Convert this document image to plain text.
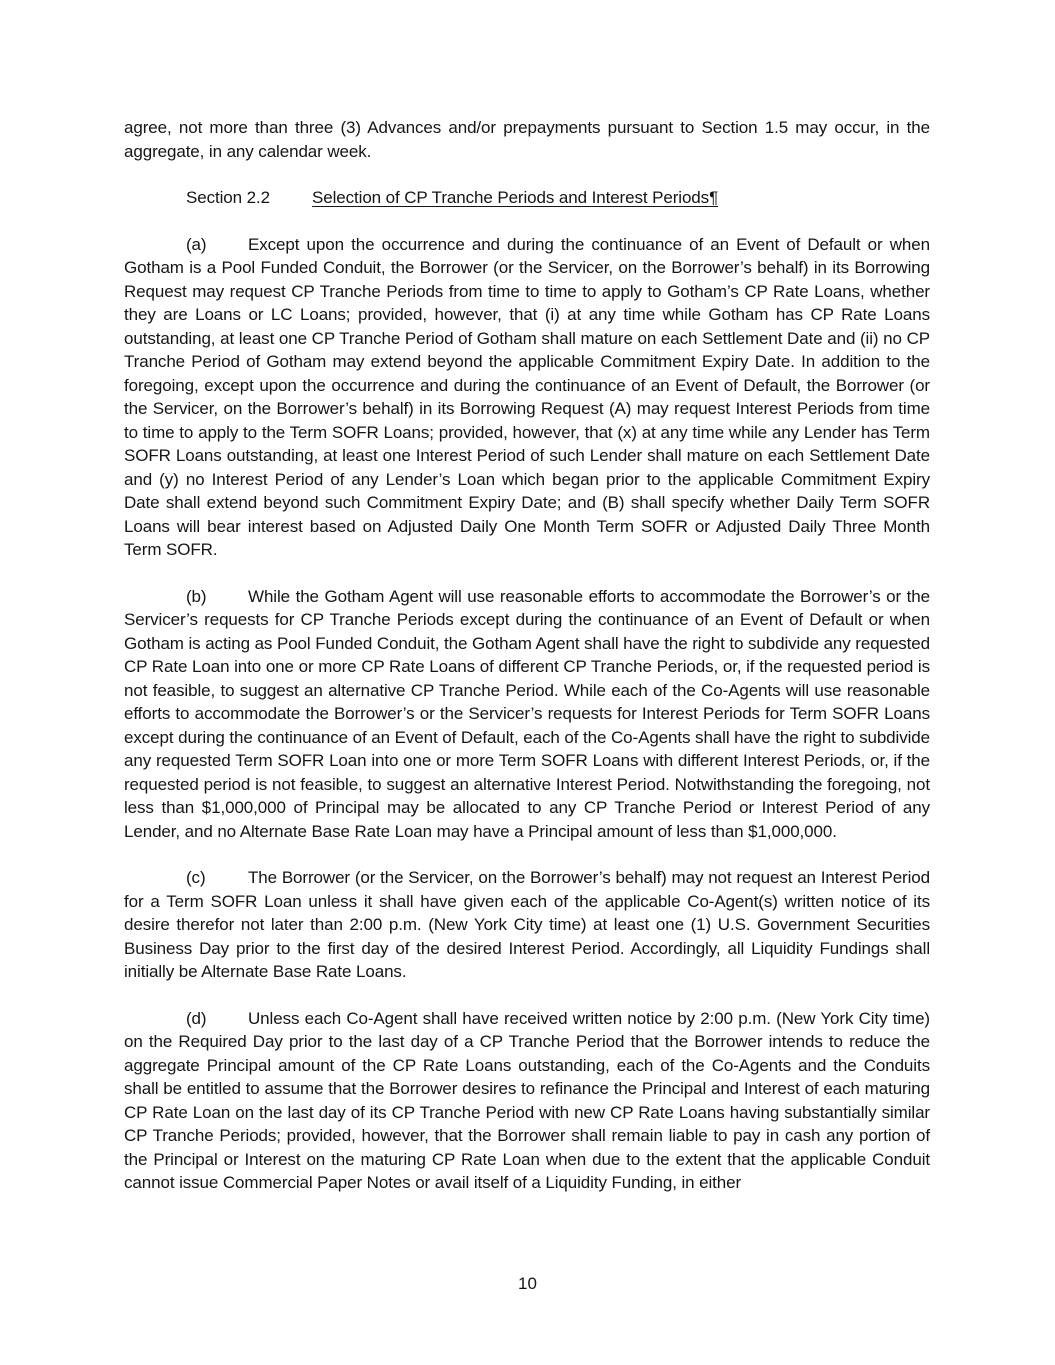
agree, not more than three (3) Advances and/or prepayments pursuant to Section 1.5 may occur, in the aggregate, in any calendar week.

Section 2.2 Selection of CP Tranche Periods and Interest Periods¶

(a) Except upon the occurrence and during the continuance of an Event of Default or when Gotham is a Pool Funded Conduit, the Borrower (or the Servicer, on the Borrower’s behalf) in its Borrowing Request may request CP Tranche Periods from time to time to apply to Gotham’s CP Rate Loans, whether they are Loans or LC Loans; provided, however, that (i) at any time while Gotham has CP Rate Loans outstanding, at least one CP Tranche Period of Gotham shall mature on each Settlement Date and (ii) no CP Tranche Period of Gotham may extend beyond the applicable Commitment Expiry Date. In addition to the foregoing, except upon the occurrence and during the continuance of an Event of Default, the Borrower (or the Servicer, on the Borrower’s behalf) in its Borrowing Request (A) may request Interest Periods from time to time to apply to the Term SOFR Loans; provided, however, that (x) at any time while any Lender has Term SOFR Loans outstanding, at least one Interest Period of such Lender shall mature on each Settlement Date and (y) no Interest Period of any Lender’s Loan which began prior to the applicable Commitment Expiry Date shall extend beyond such Commitment Expiry Date; and (B) shall specify whether Daily Term SOFR Loans will bear interest based on Adjusted Daily One Month Term SOFR or Adjusted Daily Three Month Term SOFR.

(b) While the Gotham Agent will use reasonable efforts to accommodate the Borrower’s or the Servicer’s requests for CP Tranche Periods except during the continuance of an Event of Default or when Gotham is acting as Pool Funded Conduit, the Gotham Agent shall have the right to subdivide any requested CP Rate Loan into one or more CP Rate Loans of different CP Tranche Periods, or, if the requested period is not feasible, to suggest an alternative CP Tranche Period. While each of the Co-Agents will use reasonable efforts to accommodate the Borrower’s or the Servicer’s requests for Interest Periods for Term SOFR Loans except during the continuance of an Event of Default, each of the Co-Agents shall have the right to subdivide any requested Term SOFR Loan into one or more Term SOFR Loans with different Interest Periods, or, if the requested period is not feasible, to suggest an alternative Interest Period. Notwithstanding the foregoing, not less than $1,000,000 of Principal may be allocated to any CP Tranche Period or Interest Period of any Lender, and no Alternate Base Rate Loan may have a Principal amount of less than $1,000,000.

(c) The Borrower (or the Servicer, on the Borrower’s behalf) may not request an Interest Period for a Term SOFR Loan unless it shall have given each of the applicable Co-Agent(s) written notice of its desire therefor not later than 2:00 p.m. (New York City time) at least one (1) U.S. Government Securities Business Day prior to the first day of the desired Interest Period. Accordingly, all Liquidity Fundings shall initially be Alternate Base Rate Loans.

(d) Unless each Co-Agent shall have received written notice by 2:00 p.m. (New York City time) on the Required Day prior to the last day of a CP Tranche Period that the Borrower intends to reduce the aggregate Principal amount of the CP Rate Loans outstanding, each of the Co-Agents and the Conduits shall be entitled to assume that the Borrower desires to refinance the Principal and Interest of each maturing CP Rate Loan on the last day of its CP Tranche Period with new CP Rate Loans having substantially similar CP Tranche Periods; provided, however, that the Borrower shall remain liable to pay in cash any portion of the Principal or Interest on the maturing CP Rate Loan when due to the extent that the applicable Conduit cannot issue Commercial Paper Notes or avail itself of a Liquidity Funding, in either

10
